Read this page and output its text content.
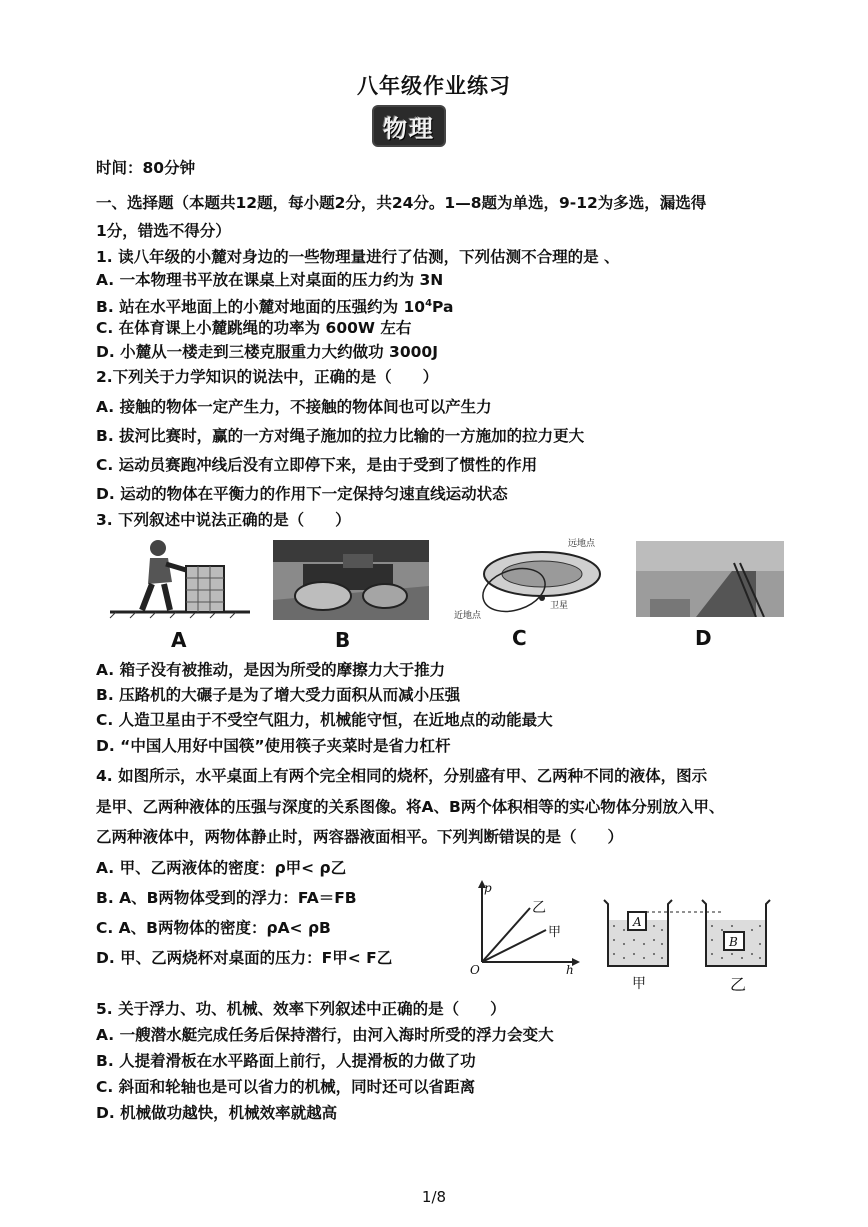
八年级作业练习
物理
时间：80分钟
一、选择题（本题共12题，每小题2分，共24分。1—8题为单选，9-12为多选，漏选得
1分，错选不得分）
1. 读八年级的小麓对身边的一些物理量进行了估测，下列估测不合理的是 、
A. 一本物理书平放在课桌上对桌面的压力约为 3N
B. 站在水平地面上的小麓对地面的压强约为 $10^4Pa$
C. 在体育课上小麓跳绳的功率为 600W 左右
D. 小麓从一楼走到三楼克服重力大约做功 3000J
2.下列关于力学知识的说法中，正确的是（　　）
A. 接触的物体一定产生力，不接触的物体间也可以产生力
B. 拔河比赛时，赢的一方对绳子施加的拉力比输的一方施加的拉力更大
C. 运动员赛跑冲线后没有立即停下来，是由于受到了惯性的作用
D. 运动的物体在平衡力的作用下一定保持匀速直线运动状态
3. 下列叙述中说法正确的是（　　）
A	B
远地点
卫星
近地点
C	D
A. 箱子没有被推动，是因为所受的摩擦力大于推力
B. 压路机的大碾子是为了增大受力面积从而减小压强
C. 人造卫星由于不受空气阻力，机械能守恒，在近地点的动能最大
D. “中国人用好中国筷”使用筷子夹菜时是省力杠杆
4. 如图所示，水平桌面上有两个完全相同的烧杯，分别盛有甲、乙两种不同的液体，图示
是甲、乙两种液体的压强与深度的关系图像。将A、B两个体积相等的实心物体分别放入甲、
乙两种液体中，两物体静止时，两容器液面相平。下列判断错误的是（　　）
A. 甲、乙两液体的密度：ρ甲< ρ乙
B. A、B两物体受到的浮力：FA＝FB
C. A、B两物体的密度：ρA< ρB
D. 甲、乙两烧杯对桌面的压力：F甲< F乙
p
h
O
乙
甲
A
B
甲	乙
5. 关于浮力、功、机械、效率下列叙述中正确的是（　　）
A. 一艘潜水艇完成任务后保持潜行，由河入海时所受的浮力会变大
B. 人提着滑板在水平路面上前行，人提滑板的力做了功
C. 斜面和轮轴也是可以省力的机械，同时还可以省距离
D. 机械做功越快，机械效率就越高
1/8
